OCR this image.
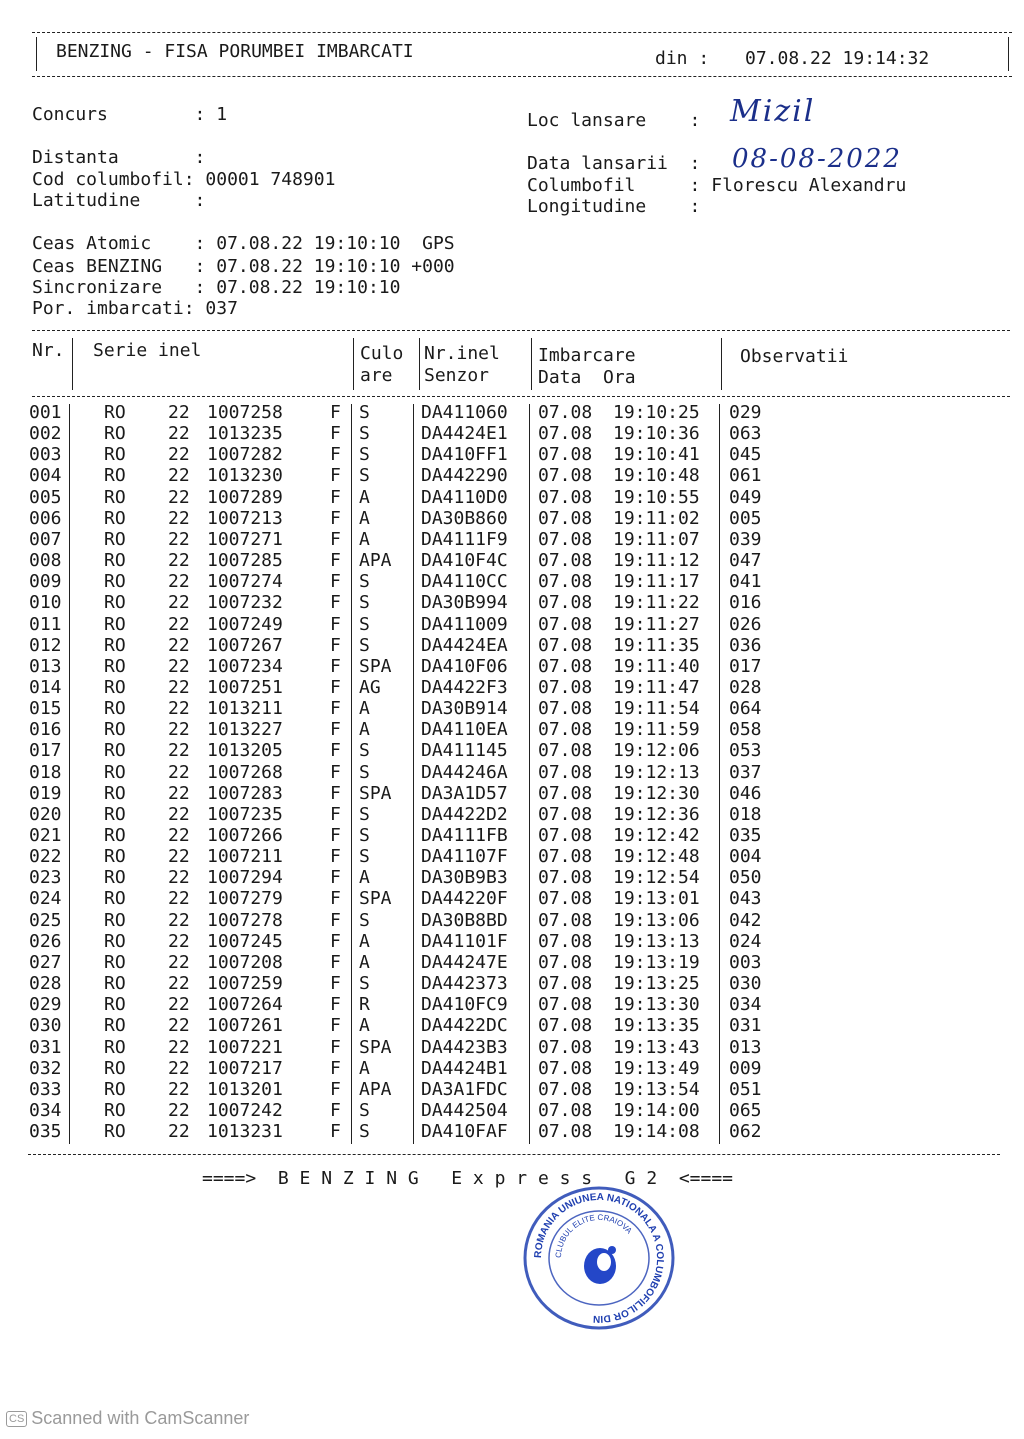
BENZING - FISA PORUMBEI IMBARCATI	din : 07.08.22 19:14:32
Concurs        : 1
Distanta       :
Cod columbofil: 00001 748901
Latitudine     :
Loc lansare    : Mizil
Data lansarii  : 08-08-2022
Columbofil     : Florescu Alexandru
Longitudine    :
Ceas Atomic    : 07.08.22 19:10:10  GPS
Ceas BENZING   : 07.08.22 19:10:10 +000
Sincronizare   : 07.08.22 19:10:10
Por. imbarcati: 037
Nr. Serie inel	Culo
are
Nr.inel
Senzor
Imbarcare
Data  Ora
Observatii
001 RO 22 1007258	F S	DA411060 07.08 19:10:25 029
002 RO 22 1013235	F S	DA4424E1 07.08 19:10:36 063
003 RO 22 1007282	F S	DA410FF1 07.08 19:10:41 045
004 RO 22 1013230	F S	DA442290 07.08 19:10:48 061
005 RO 22 1007289	F A	DA4110D0 07.08 19:10:55 049
006 RO 22 1007213	F A	DA30B860 07.08 19:11:02 005
007 RO 22 1007271	F A	DA4111F9 07.08 19:11:07 039
008 RO 22 1007285	F APA DA410F4C 07.08 19:11:12 047
009 RO 22 1007274	F S	DA4110CC 07.08 19:11:17 041
010 RO 22 1007232	F S	DA30B994 07.08 19:11:22 016
011 RO 22 1007249	F S	DA411009 07.08 19:11:27 026
012 RO 22 1007267	F S	DA4424EA 07.08 19:11:35 036
013 RO 22 1007234	F SPA DA410F06 07.08 19:11:40 017
014 RO 22 1007251	F AG DA4422F3 07.08 19:11:47 028
015 RO 22 1013211	F A	DA30B914 07.08 19:11:54 064
016 RO 22 1013227	F A	DA4110EA 07.08 19:11:59 058
017 RO 22 1013205	F S	DA411145 07.08 19:12:06 053
018 RO 22 1007268	F S	DA44246A 07.08 19:12:13 037
019 RO 22 1007283	F SPA DA3A1D57 07.08 19:12:30 046
020 RO 22 1007235	F S	DA4422D2 07.08 19:12:36 018
021 RO 22 1007266	F S	DA4111FB 07.08 19:12:42 035
022 RO 22 1007211	F S	DA41107F 07.08 19:12:48 004
023 RO 22 1007294	F A	DA30B9B3 07.08 19:12:54 050
024 RO 22 1007279	F SPA DA44220F 07.08 19:13:01 043
025 RO 22 1007278	F S	DA30B8BD 07.08 19:13:06 042
026 RO 22 1007245	F A	DA41101F 07.08 19:13:13 024
027 RO 22 1007208	F A	DA44247E 07.08 19:13:19 003
028 RO 22 1007259	F S	DA442373 07.08 19:13:25 030
029 RO 22 1007264	F R	DA410FC9 07.08 19:13:30 034
030 RO 22 1007261	F A	DA4422DC 07.08 19:13:35 031
031 RO 22 1007221	F SPA DA4423B3 07.08 19:13:43 013
032 RO 22 1007217	F A	DA4424B1 07.08 19:13:49 009
033 RO 22 1013201	F APA DA3A1FDC 07.08 19:13:54 051
034 RO 22 1007242	F S	DA442504 07.08 19:14:00 065
035 RO 22 1013231	F S	DA410FAF 07.08 19:14:08 062
====>  B E N Z I N G   E x p r e s s   G 2  <====
ROMANIA UNIUNEA NATIONALA A COLUMBOFILILOR DIN
CLUBUL ELITE CRAIOVA
CS Scanned with CamScanner
